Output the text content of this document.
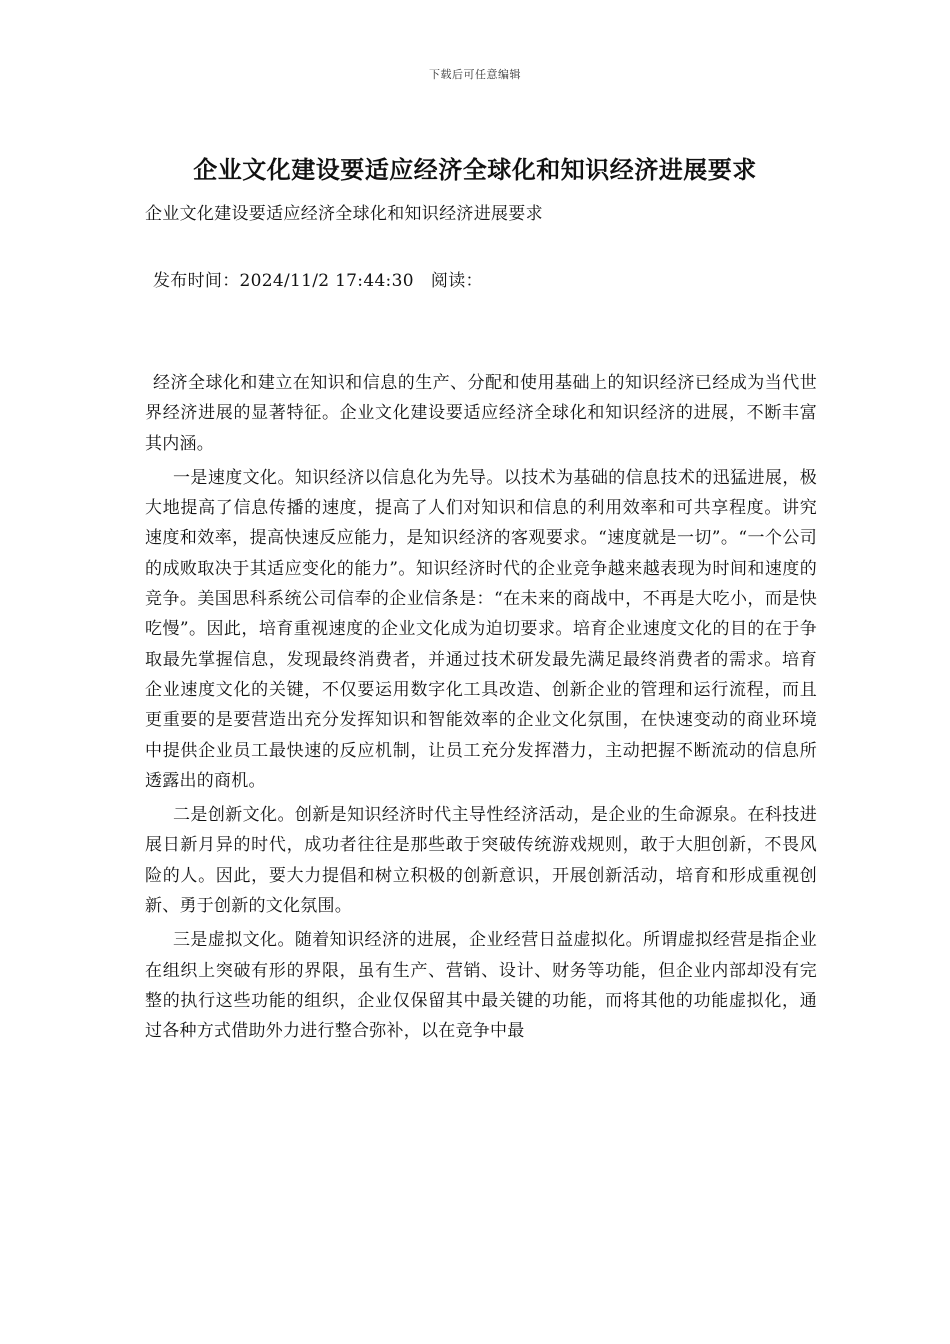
下载后可任意编辑
企业文化建设要适应经济全球化和知识经济进展要求
企业文化建设要适应经济全球化和知识经济进展要求
发布时间：2024/11/2 17:44:30   阅读：

经济全球化和建立在知识和信息的生产、分配和使用基础上的知识经济已经成为当代世界经济进展的显著特征。企业文化建设要适应经济全球化和知识经济的进展，不断丰富其内涵。

一是速度文化。知识经济以信息化为先导。以技术为基础的信息技术的迅猛进展，极大地提高了信息传播的速度，提高了人们对知识和信息的利用效率和可共享程度。讲究速度和效率，提高快速反应能力，是知识经济的客观要求。“速度就是一切”。“一个公司的成败取决于其适应变化的能力”。知识经济时代的企业竞争越来越表现为时间和速度的竞争。美国思科系统公司信奉的企业信条是：“在未来的商战中，不再是大吃小，而是快吃慢”。因此，培育重视速度的企业文化成为迫切要求。培育企业速度文化的目的在于争取最先掌握信息，发现最终消费者，并通过技术研发最先满足最终消费者的需求。培育企业速度文化的关键，不仅要运用数字化工具改造、创新企业的管理和运行流程，而且更重要的是要营造出充分发挥知识和智能效率的企业文化氛围，在快速变动的商业环境中提供企业员工最快速的反应机制，让员工充分发挥潜力，主动把握不断流动的信息所透露出的商机。

二是创新文化。创新是知识经济时代主导性经济活动，是企业的生命源泉。在科技进展日新月异的时代，成功者往往是那些敢于突破传统游戏规则，敢于大胆创新，不畏风险的人。因此，要大力提倡和树立积极的创新意识，开展创新活动，培育和形成重视创新、勇于创新的文化氛围。

三是虚拟文化。随着知识经济的进展，企业经营日益虚拟化。所谓虚拟经营是指企业在组织上突破有形的界限，虽有生产、营销、设计、财务等功能，但企业内部却没有完整的执行这些功能的组织，企业仅保留其中最关键的功能，而将其他的功能虚拟化，通过各种方式借助外力进行整合弥补，以在竞争中最
